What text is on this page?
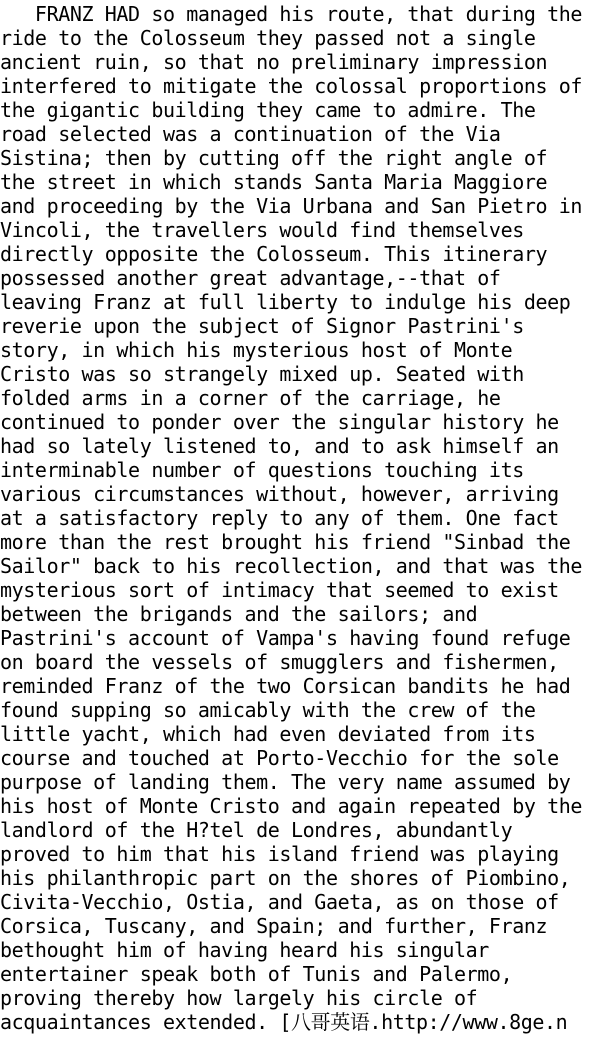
FRANZ HAD so managed his route, that during the
ride to the Colosseum they passed not a single
ancient ruin, so that no preliminary impression
interfered to mitigate the colossal proportions of
the gigantic building they came to admire. The
road selected was a continuation of the Via
Sistina; then by cutting off the right angle of
the street in which stands Santa Maria Maggiore
and proceeding by the Via Urbana and San Pietro in
Vincoli, the travellers would find themselves
directly opposite the Colosseum. This itinerary
possessed another great advantage,--that of
leaving Franz at full liberty to indulge his deep
reverie upon the subject of Signor Pastrini's
story, in which his mysterious host of Monte
Cristo was so strangely mixed up. Seated with
folded arms in a corner of the carriage, he
continued to ponder over the singular history he
had so lately listened to, and to ask himself an
interminable number of questions touching its
various circumstances without, however, arriving
at a satisfactory reply to any of them. One fact
more than the rest brought his friend "Sinbad the
Sailor" back to his recollection, and that was the
mysterious sort of intimacy that seemed to exist
between the brigands and the sailors; and
Pastrini's account of Vampa's having found refuge
on board the vessels of smugglers and fishermen,
reminded Franz of the two Corsican bandits he had
found supping so amicably with the crew of the
little yacht, which had even deviated from its
course and touched at Porto-Vecchio for the sole
purpose of landing them. The very name assumed by
his host of Monte Cristo and again repeated by the
landlord of the H?tel de Londres, abundantly
proved to him that his island friend was playing
his philanthropic part on the shores of Piombino,
Civita-Vecchio, Ostia, and Gaeta, as on those of
Corsica, Tuscany, and Spain; and further, Franz
bethought him of having heard his singular
entertainer speak both of Tunis and Palermo,
proving thereby how largely his circle of
acquaintances extended. [八哥英语.http://www.8ge.n
